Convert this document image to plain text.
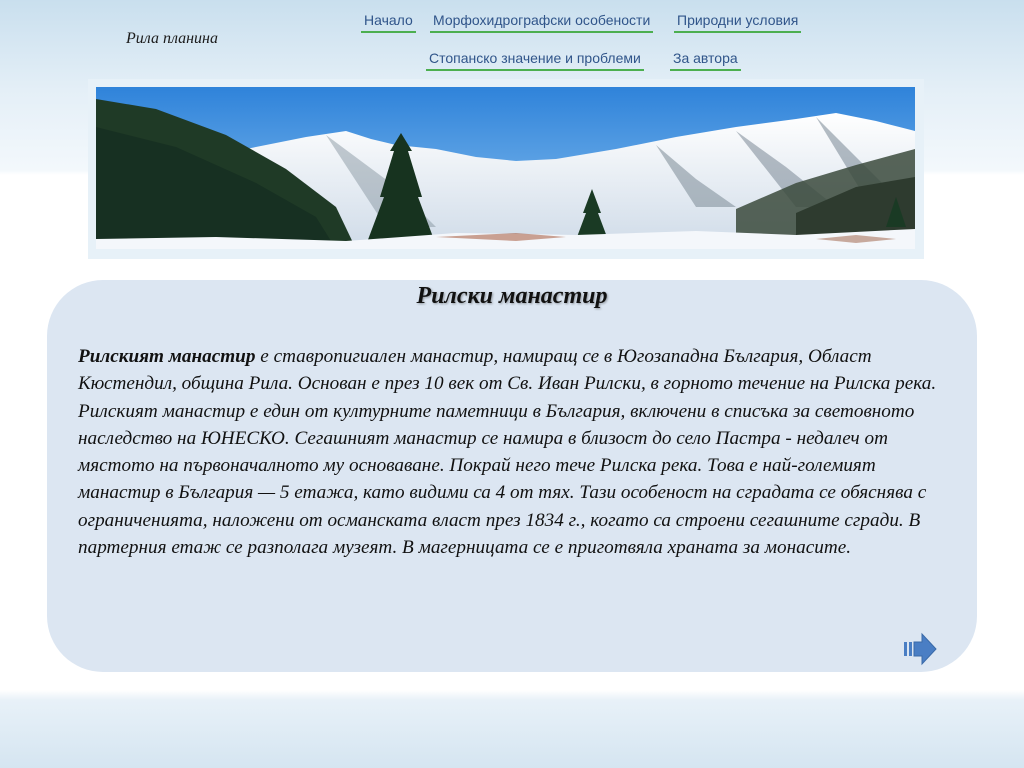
Рила планина
Начало Морфохидрографски особености Природни условия
Стопанско значение и проблеми За автора
Рилски манастир

Рилският манастир е ставропигиален манастир, намиращ се в Югозападна България, Област Кюстендил, община Рила. Основан е през 10 век от Св. Иван Рилски, в горното течение на Рилска река.
Рилският манастир е един от културните паметници в България, включени в списъка за световното наследство на ЮНЕСКО. Сегашният манастир се намира в близост до село Пастра - недалеч от мястото на първоначалното му основаване. Покрай него тече Рилска река. Това е най-големият манастир в България — 5 етажа, като видими са 4 от тях. Тази особеност на сградата се обяснява с ограниченията, наложени от османската власт през 1834 г., когато са строени сегашните сгради. В партерния етаж се разполага музеят. В магерницата се е приготвяла храната за монасите.
